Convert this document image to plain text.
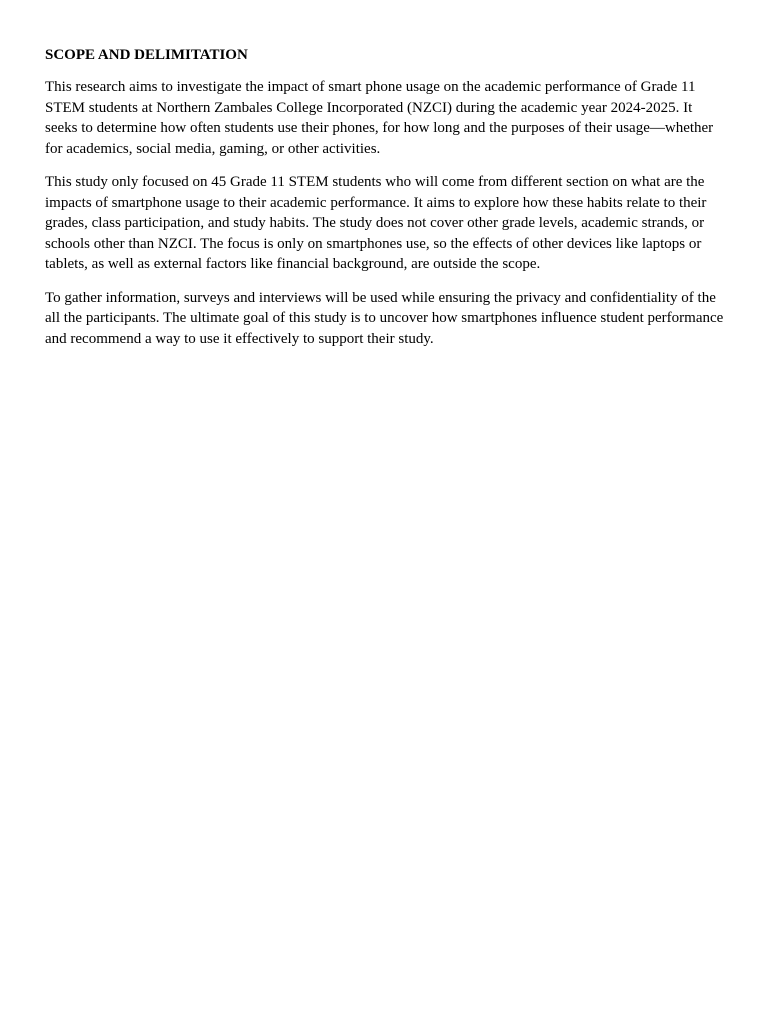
SCOPE AND DELIMITATION

This research aims to investigate the impact of smart phone usage on the academic performance of Grade 11 STEM students at Northern Zambales College Incorporated (NZCI) during the academic year 2024-2025. It seeks to determine how often students use their phones, for how long and the purposes of their usage—whether for academics, social media, gaming, or other activities.

This study only focused on 45 Grade 11 STEM students who will come from different section on what are the impacts of smartphone usage to their academic performance. It aims to explore how these habits relate to their grades, class participation, and study habits. The study does not cover other grade levels, academic strands, or schools other than NZCI. The focus is only on smartphones use, so the effects of other devices like laptops or tablets, as well as external factors like financial background, are outside the scope.

To gather information, surveys and interviews will be used while ensuring the privacy and confidentiality of the all the participants. The ultimate goal of this study is to uncover how smartphones influence student performance and recommend a way to use it effectively to support their study.
